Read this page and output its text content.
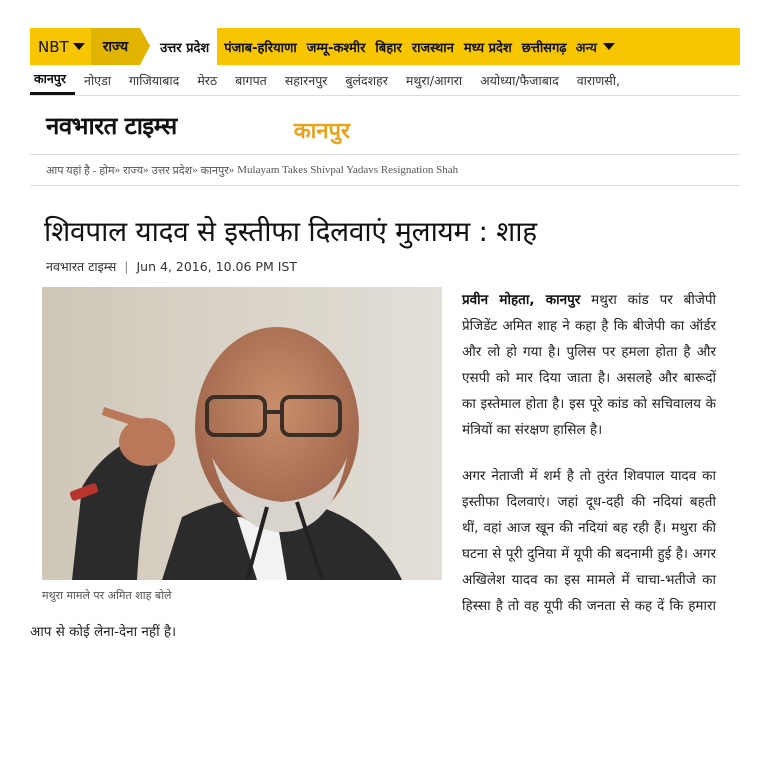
NBT	राज्य	उत्तर प्रदेश	पंजाब-हरियाणा जम्मू-कश्मीर बिहार राजस्थान मध्य प्रदेश छत्तीसगढ़ अन्य
कानपुर	नोएडा	गाजियाबाद	मेरठ	बागपत	सहारनपुर	बुलंदशहर	मथुरा/आगरा	अयोध्या/फैजाबाद	वाराणसी,
नवभारत टाइम्स	कानपुर
आप यहां है - होम » राज्य » उत्तर प्रदेश » कानपुर » Mulayam Takes Shivpal Yadavs Resignation Shah
शिवपाल यादव से इस्तीफा दिलवाएं मुलायम : शाह
नवभारत टाइम्स | Jun 4, 2016, 10.06 PM IST
मथुरा मामले पर अमित शाह बोले

प्रवीन मोहता, कानपुर मथुरा कांड पर बीजेपी प्रेजिडेंट अमित शाह ने कहा है कि बीजेपी का ऑर्डर और लो हो गया है। पुलिस पर हमला होता है और एसपी को मार दिया जाता है। असलहे और बारूदों का इस्तेमाल होता है। इस पूरे कांड को सचिवालय के मंत्रियों का संरक्षण हासिल है।

अगर नेताजी में शर्म है तो तुरंत शिवपाल यादव का इस्तीफा दिलवाएं। जहां दूध-दही की नदियां बहती थीं, वहां आज खून की नदियां बह रही हैं। मथुरा की घटना से पूरी दुनिया में यूपी की बदनामी हुई है। अगर अखिलेश यादव का इस मामले में चाचा-भतीजे का हिस्सा है तो वह यूपी की जनता से कह दें कि हमारा आप से कोई लेना-देना नहीं है।
